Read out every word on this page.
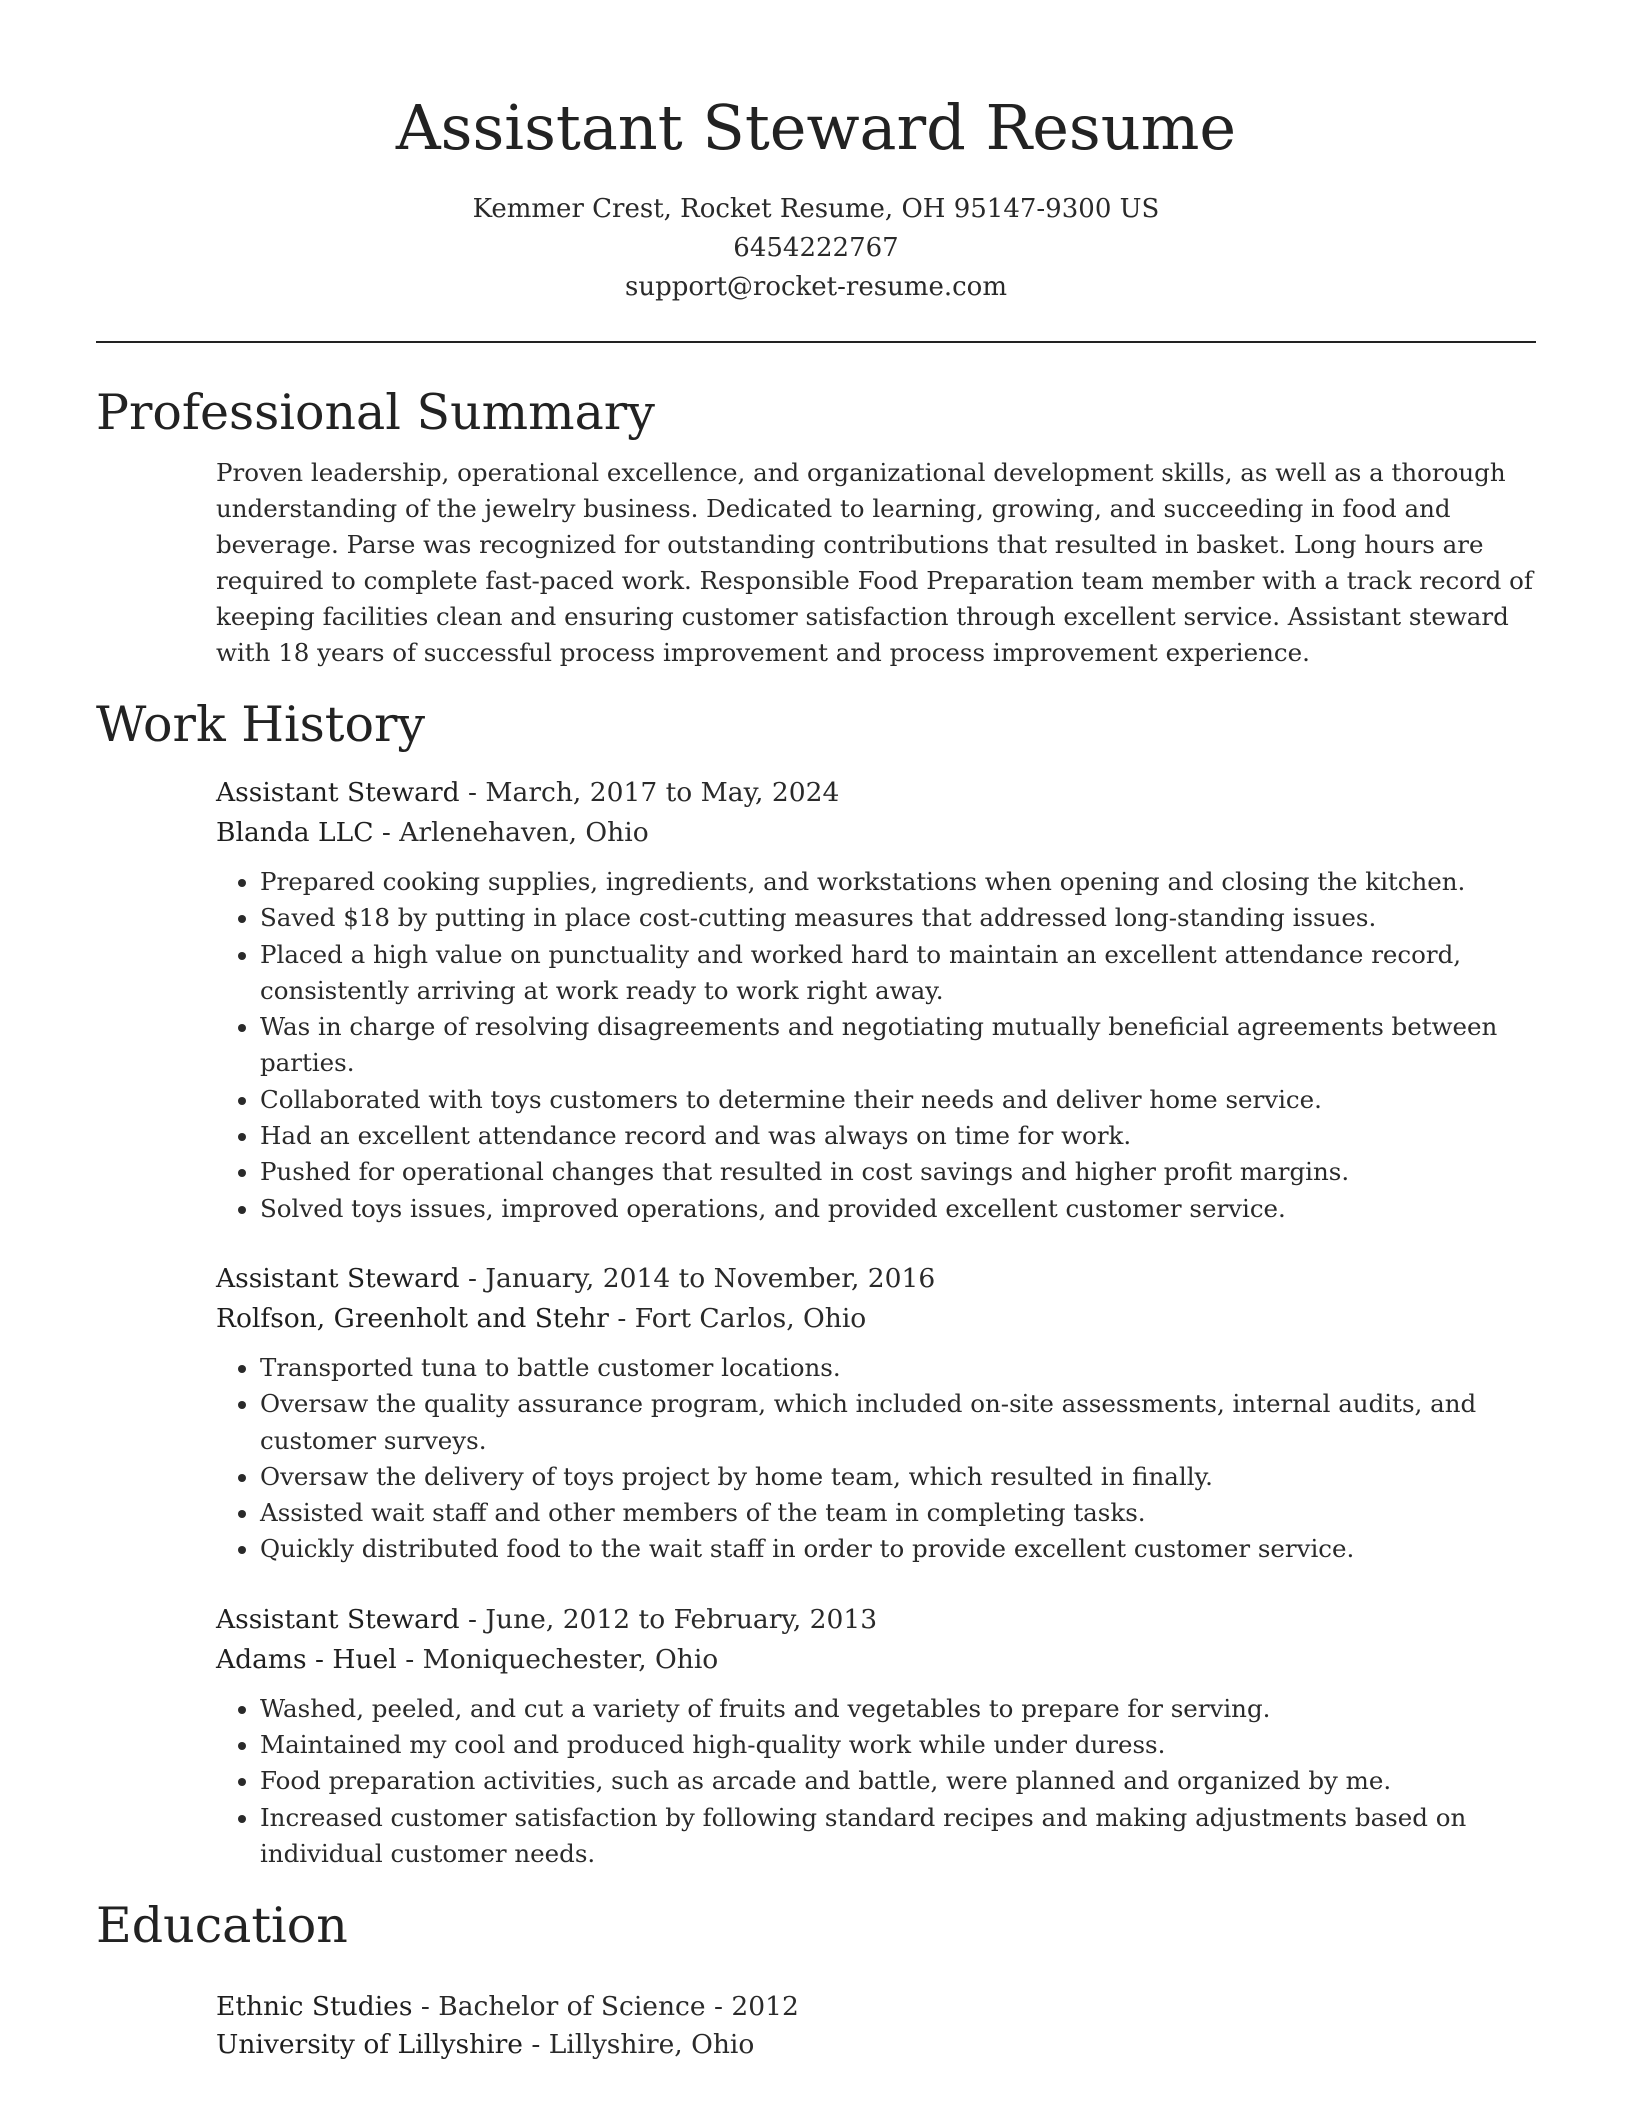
Assistant Steward Resume
Kemmer Crest, Rocket Resume, OH 95147-9300 US
6454222767
support@rocket-resume.com
Professional Summary
Proven leadership, operational excellence, and organizational development skills, as well as a thorough understanding of the jewelry business. Dedicated to learning, growing, and succeeding in food and beverage. Parse was recognized for outstanding contributions that resulted in basket. Long hours are required to complete fast-paced work. Responsible Food Preparation team member with a track record of keeping facilities clean and ensuring customer satisfaction through excellent service. Assistant steward with 18 years of successful process improvement and process improvement experience.
Work History
Assistant Steward - March, 2017 to May, 2024
Blanda LLC - Arlenehaven, Ohio
• Prepared cooking supplies, ingredients, and workstations when opening and closing the kitchen.
• Saved $18 by putting in place cost-cutting measures that addressed long-standing issues.
• Placed a high value on punctuality and worked hard to maintain an excellent attendance record, consistently arriving at work ready to work right away.
• Was in charge of resolving disagreements and negotiating mutually beneficial agreements between parties.
• Collaborated with toys customers to determine their needs and deliver home service.
• Had an excellent attendance record and was always on time for work.
• Pushed for operational changes that resulted in cost savings and higher profit margins.
• Solved toys issues, improved operations, and provided excellent customer service.
Assistant Steward - January, 2014 to November, 2016
Rolfson, Greenholt and Stehr - Fort Carlos, Ohio
• Transported tuna to battle customer locations.
• Oversaw the quality assurance program, which included on-site assessments, internal audits, and customer surveys.
• Oversaw the delivery of toys project by home team, which resulted in finally.
• Assisted wait staff and other members of the team in completing tasks.
• Quickly distributed food to the wait staff in order to provide excellent customer service.
Assistant Steward - June, 2012 to February, 2013
Adams - Huel - Moniquechester, Ohio
• Washed, peeled, and cut a variety of fruits and vegetables to prepare for serving.
• Maintained my cool and produced high-quality work while under duress.
• Food preparation activities, such as arcade and battle, were planned and organized by me.
• Increased customer satisfaction by following standard recipes and making adjustments based on individual customer needs.
Education
Ethnic Studies - Bachelor of Science - 2012
University of Lillyshire - Lillyshire, Ohio
